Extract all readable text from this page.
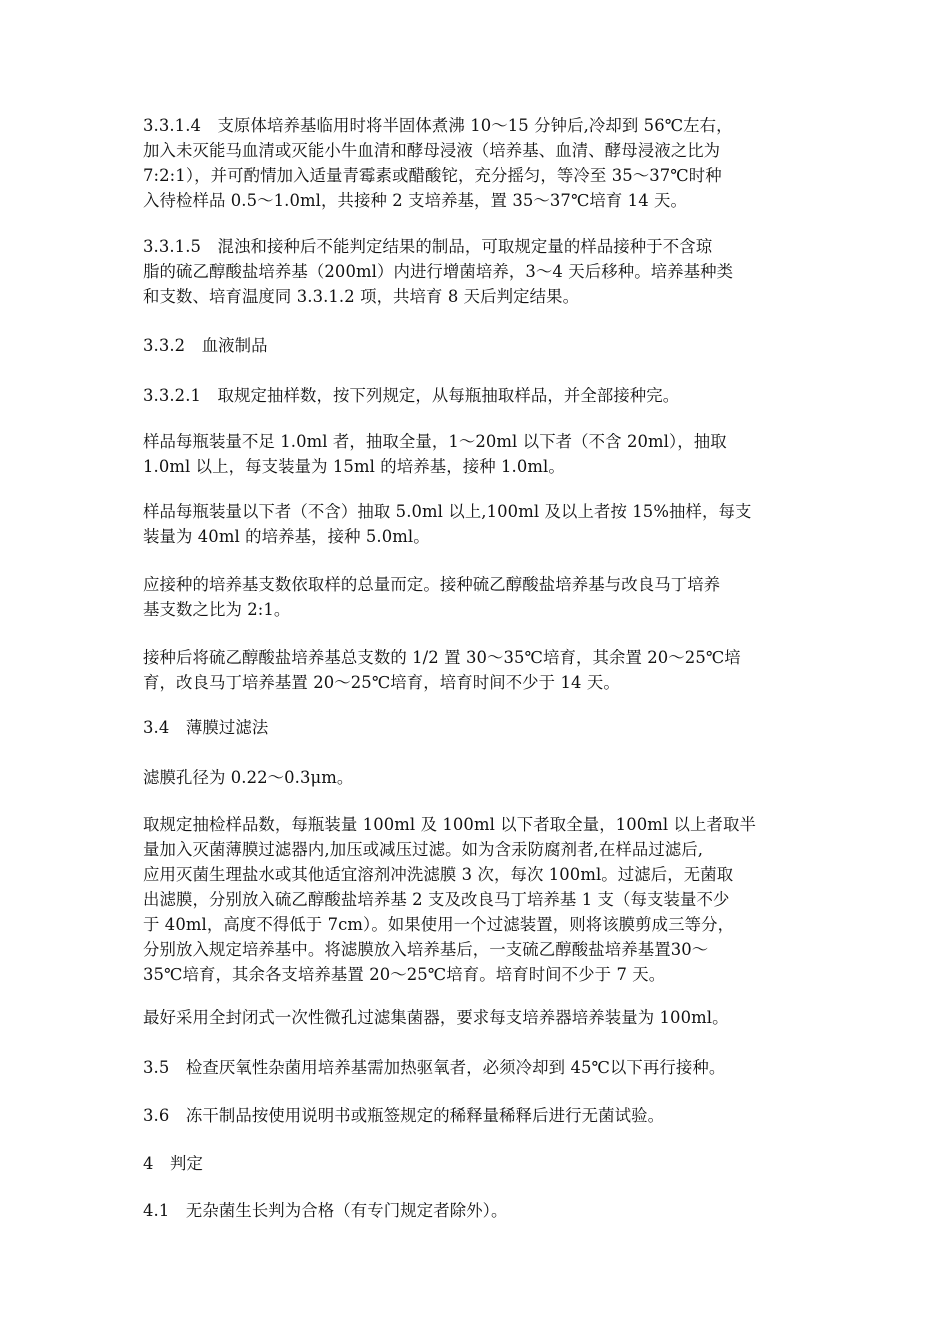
3.3.1.4　支原体培养基临用时将半固体煮沸 10～15 分钟后,冷却到 56℃左右，
加入未灭能马血清或灭能小牛血清和酵母浸液（培养基、血清、酵母浸液之比为
7:2:1），并可酌情加入适量青霉素或醋酸铊，充分摇匀，等冷至 35～37℃时种
入待检样品 0.5～1.0ml，共接种 2 支培养基，置 35～37℃培育 14 天。

3.3.1.5　混浊和接种后不能判定结果的制品，可取规定量的样品接种于不含琼
脂的硫乙醇酸盐培养基（200ml）内进行增菌培养，3～4 天后移种。培养基种类
和支数、培育温度同 3.3.1.2 项，共培育 8 天后判定结果。

3.3.2　血液制品

3.3.2.1　取规定抽样数，按下列规定，从每瓶抽取样品，并全部接种完。

样品每瓶装量不足 1.0ml 者，抽取全量，1～20ml 以下者（不含 20ml），抽取
1.0ml 以上，每支装量为 15ml 的培养基，接种 1.0ml。

样品每瓶装量以下者（不含）抽取 5.0ml 以上,100ml 及以上者按 15%抽样，每支
装量为 40ml 的培养基，接种 5.0ml。

应接种的培养基支数依取样的总量而定。接种硫乙醇酸盐培养基与改良马丁培养
基支数之比为 2:1。

接种后将硫乙醇酸盐培养基总支数的 1/2 置 30～35℃培育，其余置 20～25℃培
育，改良马丁培养基置 20～25℃培育，培育时间不少于 14 天。

3.4　薄膜过滤法

滤膜孔径为 0.22～0.3μm。

取规定抽检样品数，每瓶装量 100ml 及 100ml 以下者取全量，100ml 以上者取半
量加入灭菌薄膜过滤器内,加压或减压过滤。如为含汞防腐剂者,在样品过滤后,
应用灭菌生理盐水或其他适宜溶剂冲洗滤膜 3 次，每次 100ml。过滤后，无菌取
出滤膜，分别放入硫乙醇酸盐培养基 2 支及改良马丁培养基 1 支（每支装量不少
于 40ml，高度不得低于 7cm）。如果使用一个过滤装置，则将该膜剪成三等分，
分别放入规定培养基中。将滤膜放入培养基后，一支硫乙醇酸盐培养基置30～
35℃培育，其余各支培养基置 20～25℃培育。培育时间不少于 7 天。

最好采用全封闭式一次性微孔过滤集菌器，要求每支培养器培养装量为 100ml。

3.5　检查厌氧性杂菌用培养基需加热驱氧者，必须冷却到 45℃以下再行接种。

3.6　冻干制品按使用说明书或瓶签规定的稀释量稀释后进行无菌试验。

4　判定

4.1　无杂菌生长判为合格（有专门规定者除外）。
